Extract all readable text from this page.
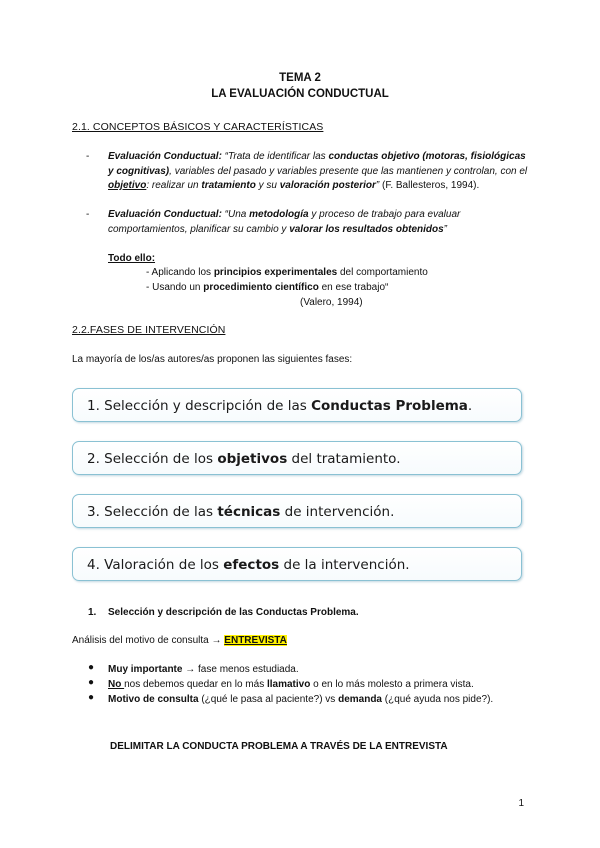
TEMA 2
LA EVALUACIÓN CONDUCTUAL
2.1. CONCEPTOS BÁSICOS Y CARACTERÍSTICAS
- Evaluación Conductual: “Trata de identificar las conductas objetivo (motoras, fisiológicas y cognitivas), variables del pasado y variables presente que las mantienen y controlan, con el objetivo: realizar un tratamiento y su valoración posterior” (F. Ballesteros, 1994).
- Evaluación Conductual: “Una metodología y proceso de trabajo para evaluar comportamientos, planificar su cambio y valorar los resultados obtenidos”
Todo ello:
- Aplicando los principios experimentales del comportamiento
- Usando un procedimiento científico en ese trabajo“
(Valero, 1994)
2.2.FASES DE INTERVENCIÓN
La mayoría de los/as autores/as proponen las siguientes fases:
1. Selección y descripción de las Conductas Problema.
2. Selección de los objetivos del tratamiento.
3. Selección de las técnicas de intervención.
4. Valoración de los efectos de la intervención.
1. Selección y descripción de las Conductas Problema.
Análisis del motivo de consulta → ENTREVISTA
● Muy importante → fase menos estudiada.
● No nos debemos quedar en lo más llamativo o en lo más molesto a primera vista.
● Motivo de consulta (¿qué le pasa al paciente?) vs demanda (¿qué ayuda nos pide?).
DELIMITAR LA CONDUCTA PROBLEMA A TRAVÉS DE LA ENTREVISTA
1
